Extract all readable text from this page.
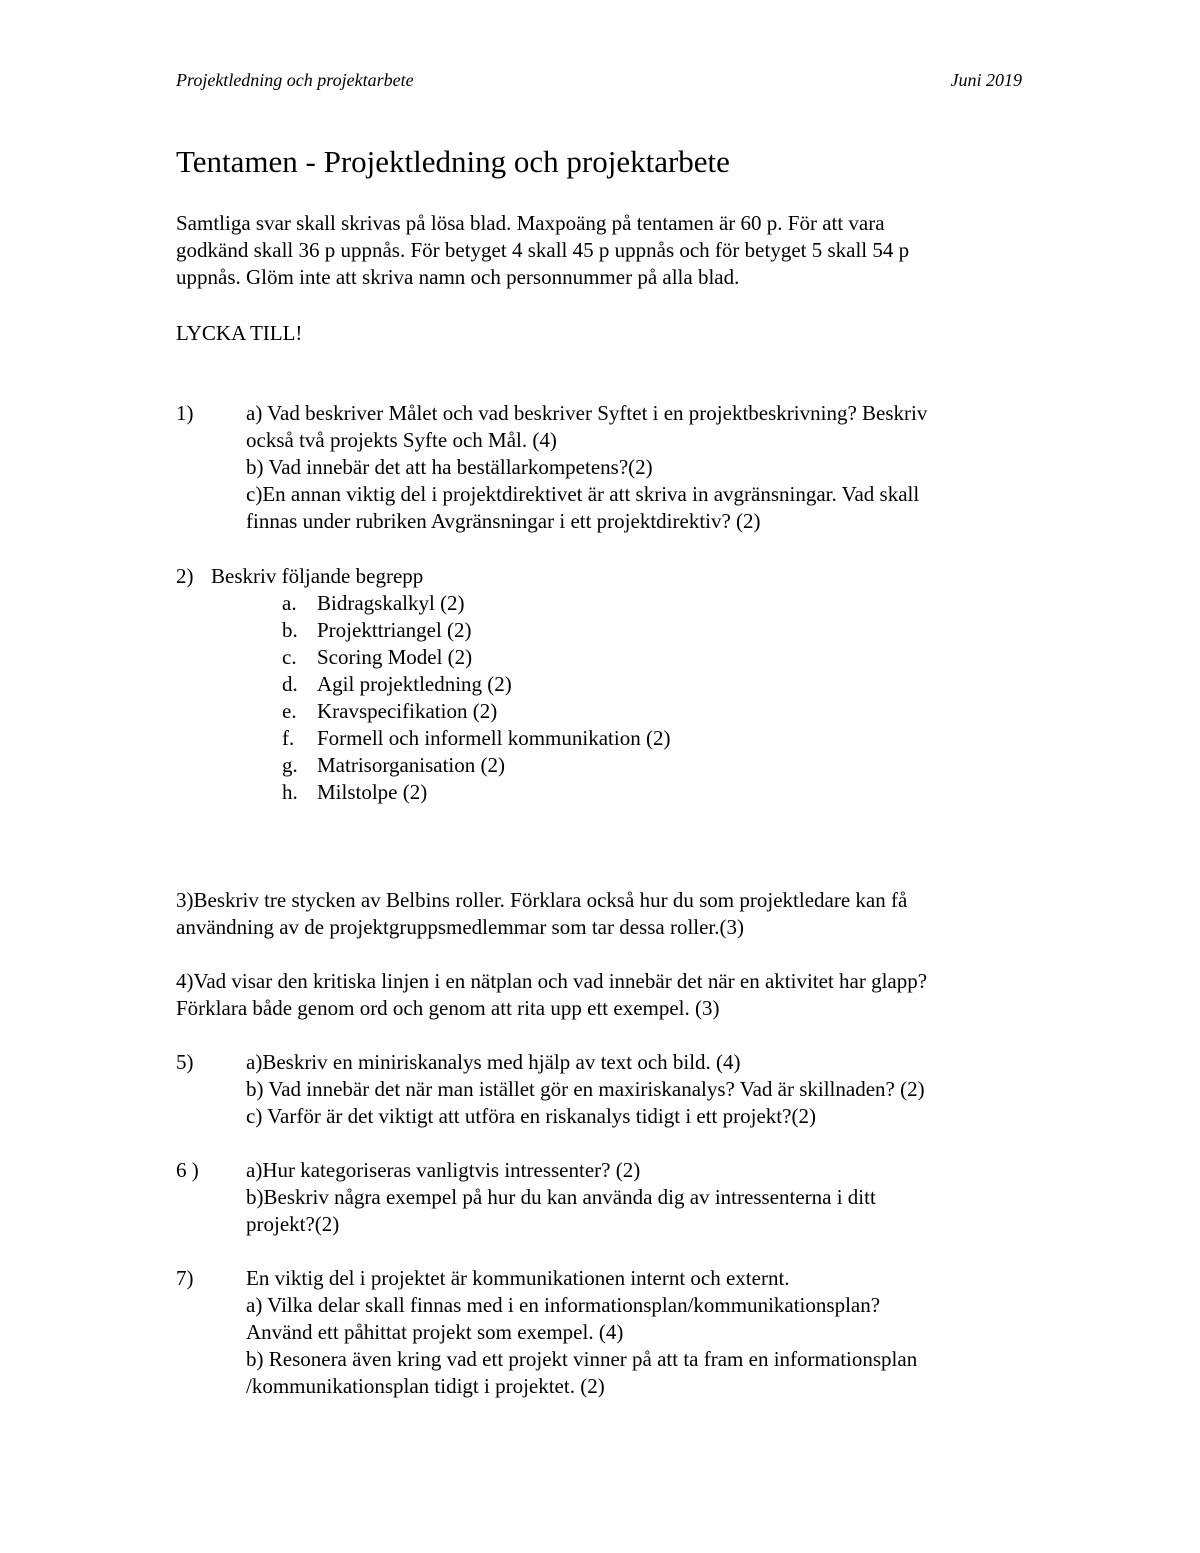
Projektledning och projektarbete	Juni 2019
Tentamen - Projektledning och projektarbete

Samtliga svar skall skrivas på lösa blad. Maxpoäng på tentamen är 60 p. För att vara

godkänd skall 36 p uppnås. För betyget 4 skall 45 p uppnås och för betyget 5 skall 54 p

uppnås. Glöm inte att skriva namn och personnummer på alla blad.

LYCKA TILL!
1)	a) Vad beskriver Målet och vad beskriver Syftet i en projektbeskrivning? Beskriv

också två projekts Syfte och Mål. (4)

b) Vad innebär det att ha beställarkompetens?(2)

c)En annan viktig del i projektdirektivet är att skriva in avgränsningar. Vad skall

finnas under rubriken Avgränsningar i ett projektdirektiv? (2)

2) Beskriv följande begrepp

a. Bidragskalkyl (2)

b. Projekttriangel (2)

c. Scoring Model (2)

d. Agil projektledning (2)

e. Kravspecifikation (2)

f. Formell och informell kommunikation (2)

g. Matrisorganisation (2)

h. Milstolpe (2)

3)Beskriv tre stycken av Belbins roller. Förklara också hur du som projektledare kan få

användning av de projektgruppsmedlemmar som tar dessa roller.(3)

4)Vad visar den kritiska linjen i en nätplan och vad innebär det när en aktivitet har glapp?

Förklara både genom ord och genom att rita upp ett exempel. (3)

5)	a)Beskriv en miniriskanalys med hjälp av text och bild. (4)

b) Vad innebär det när man istället gör en maxiriskanalys? Vad är skillnaden? (2)

c) Varför är det viktigt att utföra en riskanalys tidigt i ett projekt?(2)

6 ) a)Hur kategoriseras vanligtvis intressenter? (2)

b)Beskriv några exempel på hur du kan använda dig av intressenterna i ditt

projekt?(2)

7)	En viktig del i projektet är kommunikationen internt och externt.

a) Vilka delar skall finnas med i en informationsplan/kommunikationsplan?

Använd ett påhittat projekt som exempel. (4)

b) Resonera även kring vad ett projekt vinner på att ta fram en informationsplan

/kommunikationsplan tidigt i projektet. (2)
